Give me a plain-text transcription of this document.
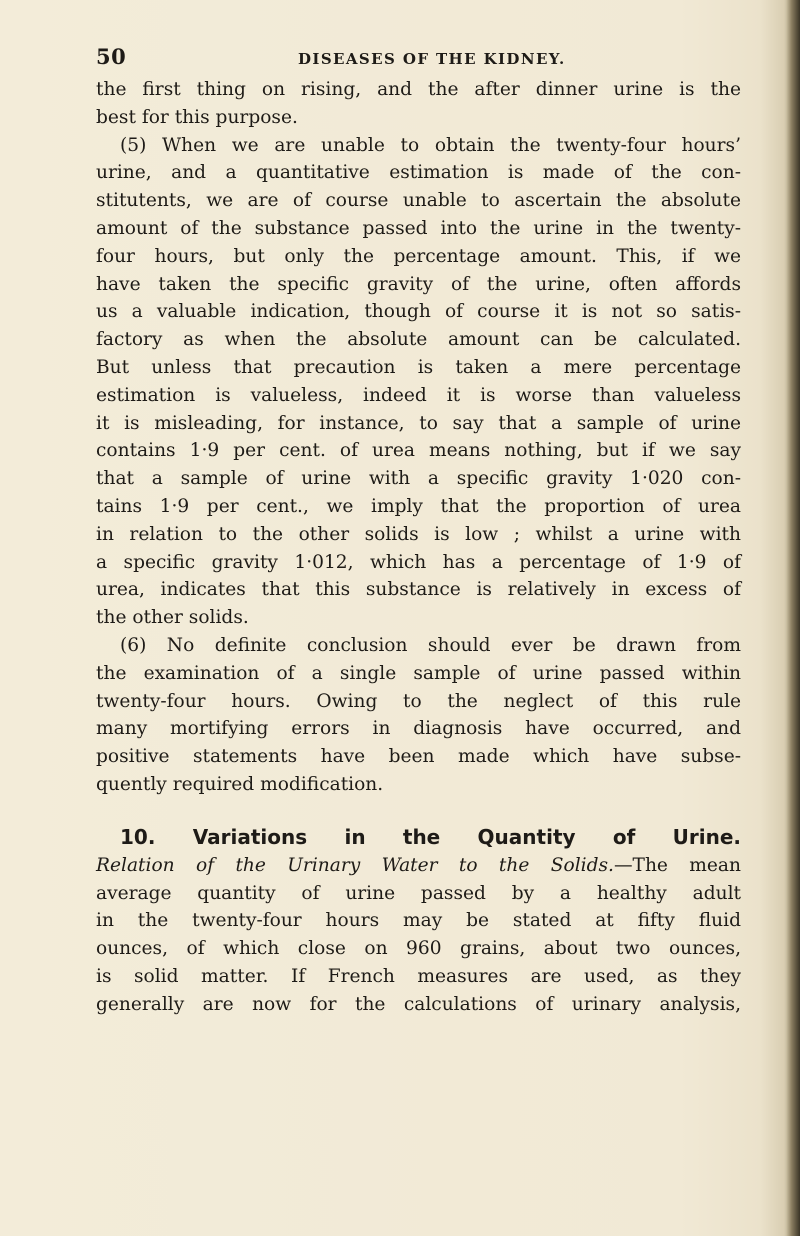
50	DISEASES OF THE KIDNEY.
the first thing on rising, and the after dinner urine is the
best for this purpose.
(5) When we are unable to obtain the twenty-four hours’
urine, and a quantitative estimation is made of the con-
stitutents, we are of course unable to ascertain the absolute
amount of the substance passed into the urine in the twenty-
four hours, but only the percentage amount. This, if we
have taken the specific gravity of the urine, often affords
us a valuable indication, though of course it is not so satis-
factory as when the absolute amount can be calculated.
But unless that precaution is taken a mere percentage
estimation is valueless, indeed it is worse than valueless
it is misleading, for instance, to say that a sample of urine
contains 1·9 per cent. of urea means nothing, but if we say
that a sample of urine with a specific gravity 1·020 con-
tains 1·9 per cent., we imply that the proportion of urea
in relation to the other solids is low ; whilst a urine with
a specific gravity 1·012, which has a percentage of 1·9 of
urea, indicates that this substance is relatively in excess of
the other solids.
(6) No definite conclusion should ever be drawn from
the examination of a single sample of urine passed within
twenty-four hours. Owing to the neglect of this rule
many mortifying errors in diagnosis have occurred, and
positive statements have been made which have subse-
quently required modification.
10. Variations in the Quantity of Urine.
Relation of the Urinary Water to the Solids.—The mean
average quantity of urine passed by a healthy adult
in the twenty-four hours may be stated at fifty fluid
ounces, of which close on 960 grains, about two ounces,
is solid matter. If French measures are used, as they
generally are now for the calculations of urinary analysis,
